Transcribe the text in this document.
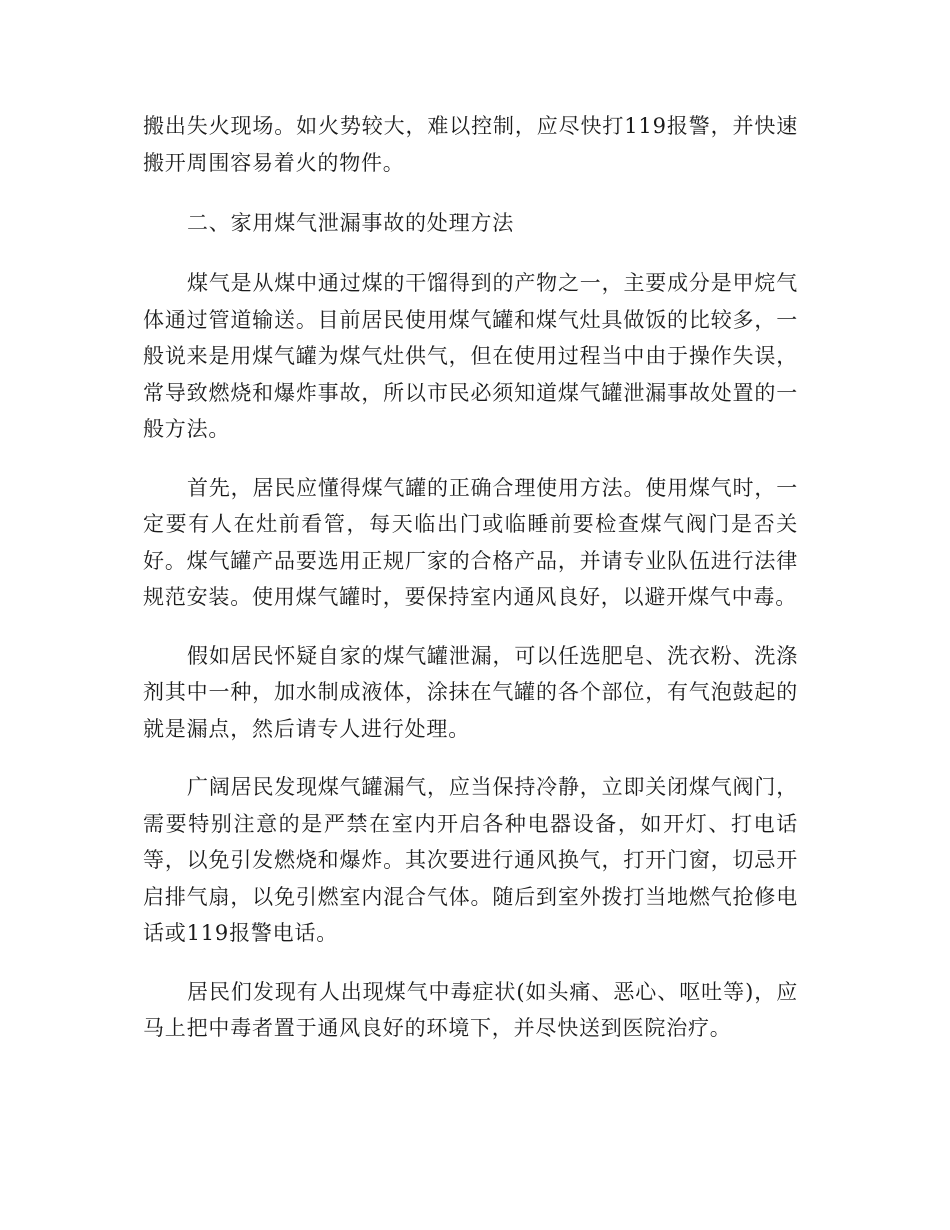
搬出失火现场。如火势较大，难以控制，应尽快打119报警，并快速搬开周围容易着火的物件。

二、家用煤气泄漏事故的处理方法

煤气是从煤中通过煤的干馏得到的产物之一，主要成分是甲烷气体通过管道输送。目前居民使用煤气罐和煤气灶具做饭的比较多，一般说来是用煤气罐为煤气灶供气，但在使用过程当中由于操作失误，常导致燃烧和爆炸事故，所以市民必须知道煤气罐泄漏事故处置的一般方法。

首先，居民应懂得煤气罐的正确合理使用方法。使用煤气时，一定要有人在灶前看管，每天临出门或临睡前要检查煤气阀门是否关好。煤气罐产品要选用正规厂家的合格产品，并请专业队伍进行法律规范安装。使用煤气罐时，要保持室内通风良好，以避开煤气中毒。

假如居民怀疑自家的煤气罐泄漏，可以任选肥皂、洗衣粉、洗涤剂其中一种，加水制成液体，涂抹在气罐的各个部位，有气泡鼓起的就是漏点，然后请专人进行处理。

广阔居民发现煤气罐漏气，应当保持冷静，立即关闭煤气阀门，需要特别注意的是严禁在室内开启各种电器设备，如开灯、打电话等，以免引发燃烧和爆炸。其次要进行通风换气，打开门窗，切忌开启排气扇，以免引燃室内混合气体。随后到室外拨打当地燃气抢修电话或119报警电话。

居民们发现有人出现煤气中毒症状(如头痛、恶心、呕吐等)，应马上把中毒者置于通风良好的环境下，并尽快送到医院治疗。
